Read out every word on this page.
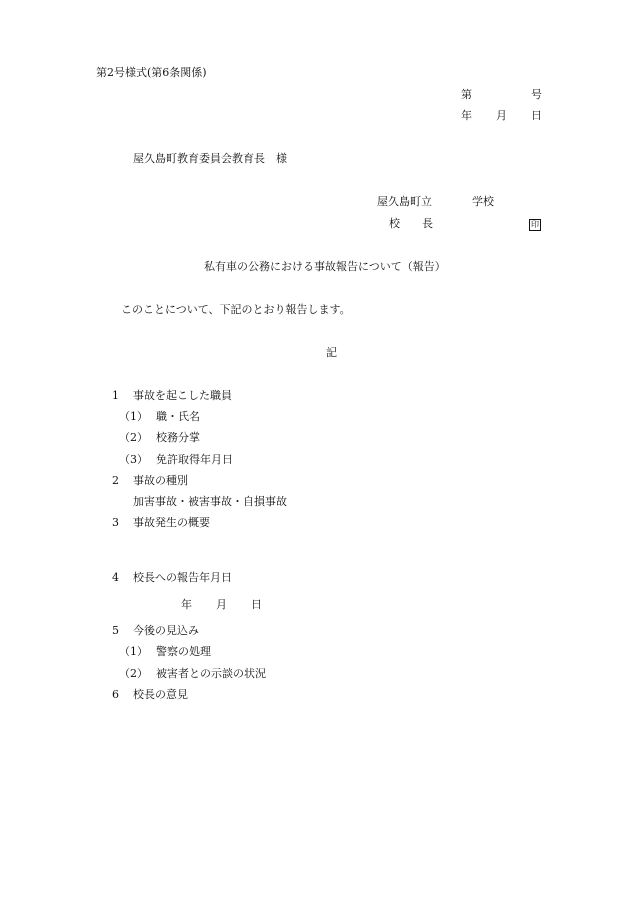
第2号様式(第6条関係)
第	号
年 月 日
屋久島町教育委員会教育長　様
屋久島町立	学校
校　　長	印
私有車の公務における事故報告について（報告）
このことについて、下記のとおり報告します。
記
1 事故を起こした職員
（1） 職・氏名
（2） 校務分掌
（3） 免許取得年月日
2 事故の種別
加害事故・被害事故・自損事故
3 事故発生の概要
4 校長への報告年月日
年 月 日
5 今後の見込み
（1） 警察の処理
（2） 被害者との示談の状況
6 校長の意見
